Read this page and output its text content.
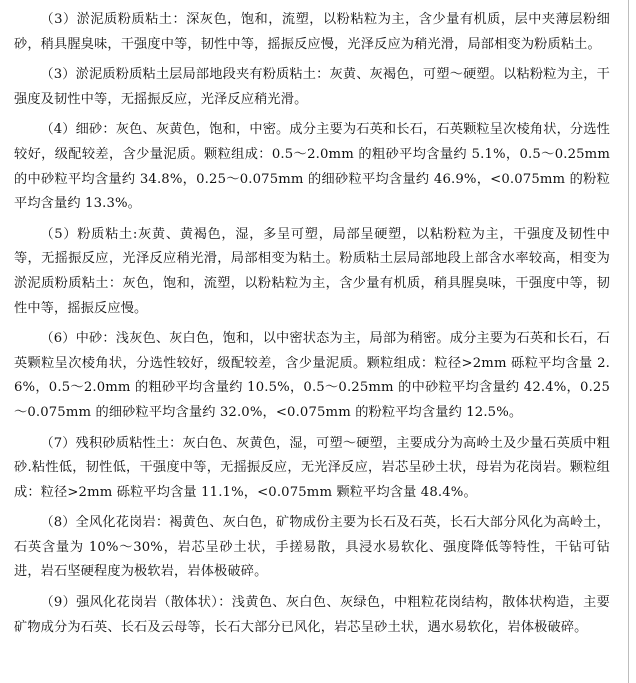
（3）淤泥质粉质粘土：深灰色，饱和，流塑，以粉粘粒为主，含少量有机质，层中夹薄层粉细砂，稍具腥臭味，干强度中等，韧性中等，摇振反应慢，光泽反应为稍光滑，局部相变为粉质粘土。

（3）淤泥质粉质粘土层局部地段夹有粉质粘土：灰黄、灰褐色，可塑～硬塑。以粘粉粒为主，干强度及韧性中等，无摇振反应，光泽反应稍光滑。

（4）细砂：灰色、灰黄色，饱和，中密。成分主要为石英和长石，石英颗粒呈次棱角状，分选性较好，级配较差，含少量泥质。颗粒组成：0.5～2.0mm 的粗砂平均含量约 5.1%，0.5～0.25mm 的中砂粒平均含量约 34.8%，0.25～0.075mm 的细砂粒平均含量约 46.9%，<0.075mm 的粉粒平均含量约 13.3%。

（5）粉质粘土:灰黄、黄褐色，湿，多呈可塑，局部呈硬塑，以粘粉粒为主，干强度及韧性中等，无摇振反应，光泽反应稍光滑，局部相变为粘土。粉质粘土层局部地段上部含水率较高，相变为淤泥质粉质粘土：灰色，饱和，流塑，以粉粘粒为主，含少量有机质，稍具腥臭味，干强度中等，韧性中等，摇振反应慢。

（6）中砂：浅灰色、灰白色，饱和，以中密状态为主，局部为稍密。成分主要为石英和长石，石英颗粒呈次棱角状，分选性较好，级配较差，含少量泥质。颗粒组成：粒径>2mm 砾粒平均含量 2.6%，0.5～2.0mm 的粗砂平均含量约 10.5%，0.5～0.25mm 的中砂粒平均含量约 42.4%，0.25～0.075mm 的细砂粒平均含量约 32.0%，<0.075mm 的粉粒平均含量约 12.5%。

（7）残积砂质粘性土：灰白色、灰黄色，湿，可塑～硬塑，主要成分为高岭土及少量石英质中粗砂.粘性低，韧性低，干强度中等，无摇振反应，无光泽反应，岩芯呈砂土状，母岩为花岗岩。颗粒组成：粒径>2mm 砾粒平均含量 11.1%，<0.075mm 颗粒平均含量 48.4%。

（8）全风化花岗岩：褐黄色、灰白色，矿物成份主要为长石及石英，长石大部分风化为高岭土，石英含量为 10%～30%，岩芯呈砂土状，手搓易散，具浸水易软化、强度降低等特性，干钻可钻进，岩石坚硬程度为极软岩，岩体极破碎。

（9）强风化花岗岩（散体状）：浅黄色、灰白色、灰绿色，中粗粒花岗结构，散体状构造，主要矿物成分为石英、长石及云母等，长石大部分已风化，岩芯呈砂土状，遇水易软化，岩体极破碎。
